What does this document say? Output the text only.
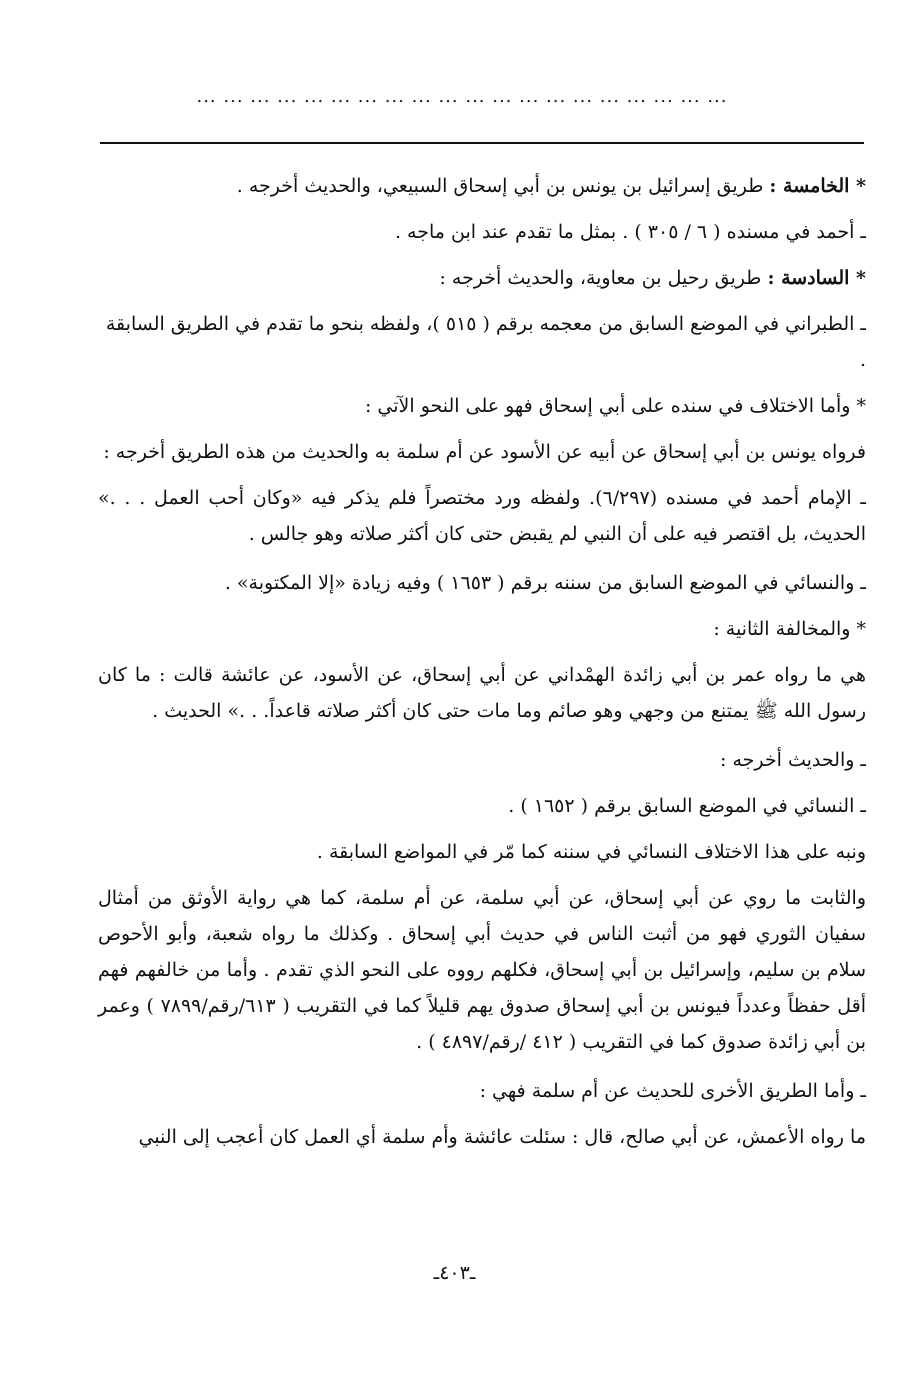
... ... ... ... ... ... ... ... ... ... ... ... ... ... ... ... ... ... ... ...

* الخامسة : طريق إسرائيل بن يونس بن أبي إسحاق السبيعي، والحديث أخرجه .

ـ أحمد في مسنده ( ٦ / ٣٠٥ ) . بمثل ما تقدم عند ابن ماجه .

* السادسة : طريق رحيل بن معاوية، والحديث أخرجه :

ـ الطبراني في الموضع السابق من معجمه برقم ( ٥١٥ )، ولفظه بنحو ما تقدم في الطريق السابقة .

* وأما الاختلاف في سنده على أبي إسحاق فهو على النحو الآتي :

فرواه يونس بن أبي إسحاق عن أبيه عن الأسود عن أم سلمة به والحديث من هذه الطريق أخرجه :

ـ الإمام أحمد في مسنده (٦/٢٩٧). ولفظه ورد مختصراً فلم يذكر فيه «وكان أحب العمل . . .» الحديث، بل اقتصر فيه على أن النبي لم يقبض حتى كان أكثر صلاته وهو جالس .

ـ والنسائي في الموضع السابق من سننه برقم ( ١٦٥٣ ) وفيه زيادة «إلا المكتوبة» .

* والمخالفة الثانية :

هي ما رواه عمر بن أبي زائدة الهمْداني عن أبي إسحاق، عن الأسود، عن عائشة قالت : ما كان رسول الله ﷺ يمتنع من وجهي وهو صائم وما مات حتى كان أكثر صلاته قاعداً. . .» الحديث .

ـ والحديث أخرجه :

ـ النسائي في الموضع السابق برقم ( ١٦٥٢ ) .

ونبه على هذا الاختلاف النسائي في سننه كما مّر في المواضع السابقة .

والثابت ما روي عن أبي إسحاق، عن أبي سلمة، عن أم سلمة، كما هي رواية الأوثق من أمثال سفيان الثوري فهو من أثبت الناس في حديث أبي إسحاق . وكذلك ما رواه شعبة، وأبو الأحوص سلام بن سليم، وإسرائيل بن أبي إسحاق، فكلهم رووه على النحو الذي تقدم . وأما من خالفهم فهم أقل حفظاً وعدداً فيونس بن أبي إسحاق صدوق يهم قليلاً كما في التقريب ( ٦١٣/رقم/٧٨٩٩ ) وعمر بن أبي زائدة صدوق كما في التقريب ( ٤١٢ /رقم/٤٨٩٧ ) .

ـ وأما الطريق الأخرى للحديث عن أم سلمة فهي :

ما رواه الأعمش، عن أبي صالح، قال : سئلت عائشة وأم سلمة أي العمل كان أعجب إلى النبي

ـ٤٠٣ـ
